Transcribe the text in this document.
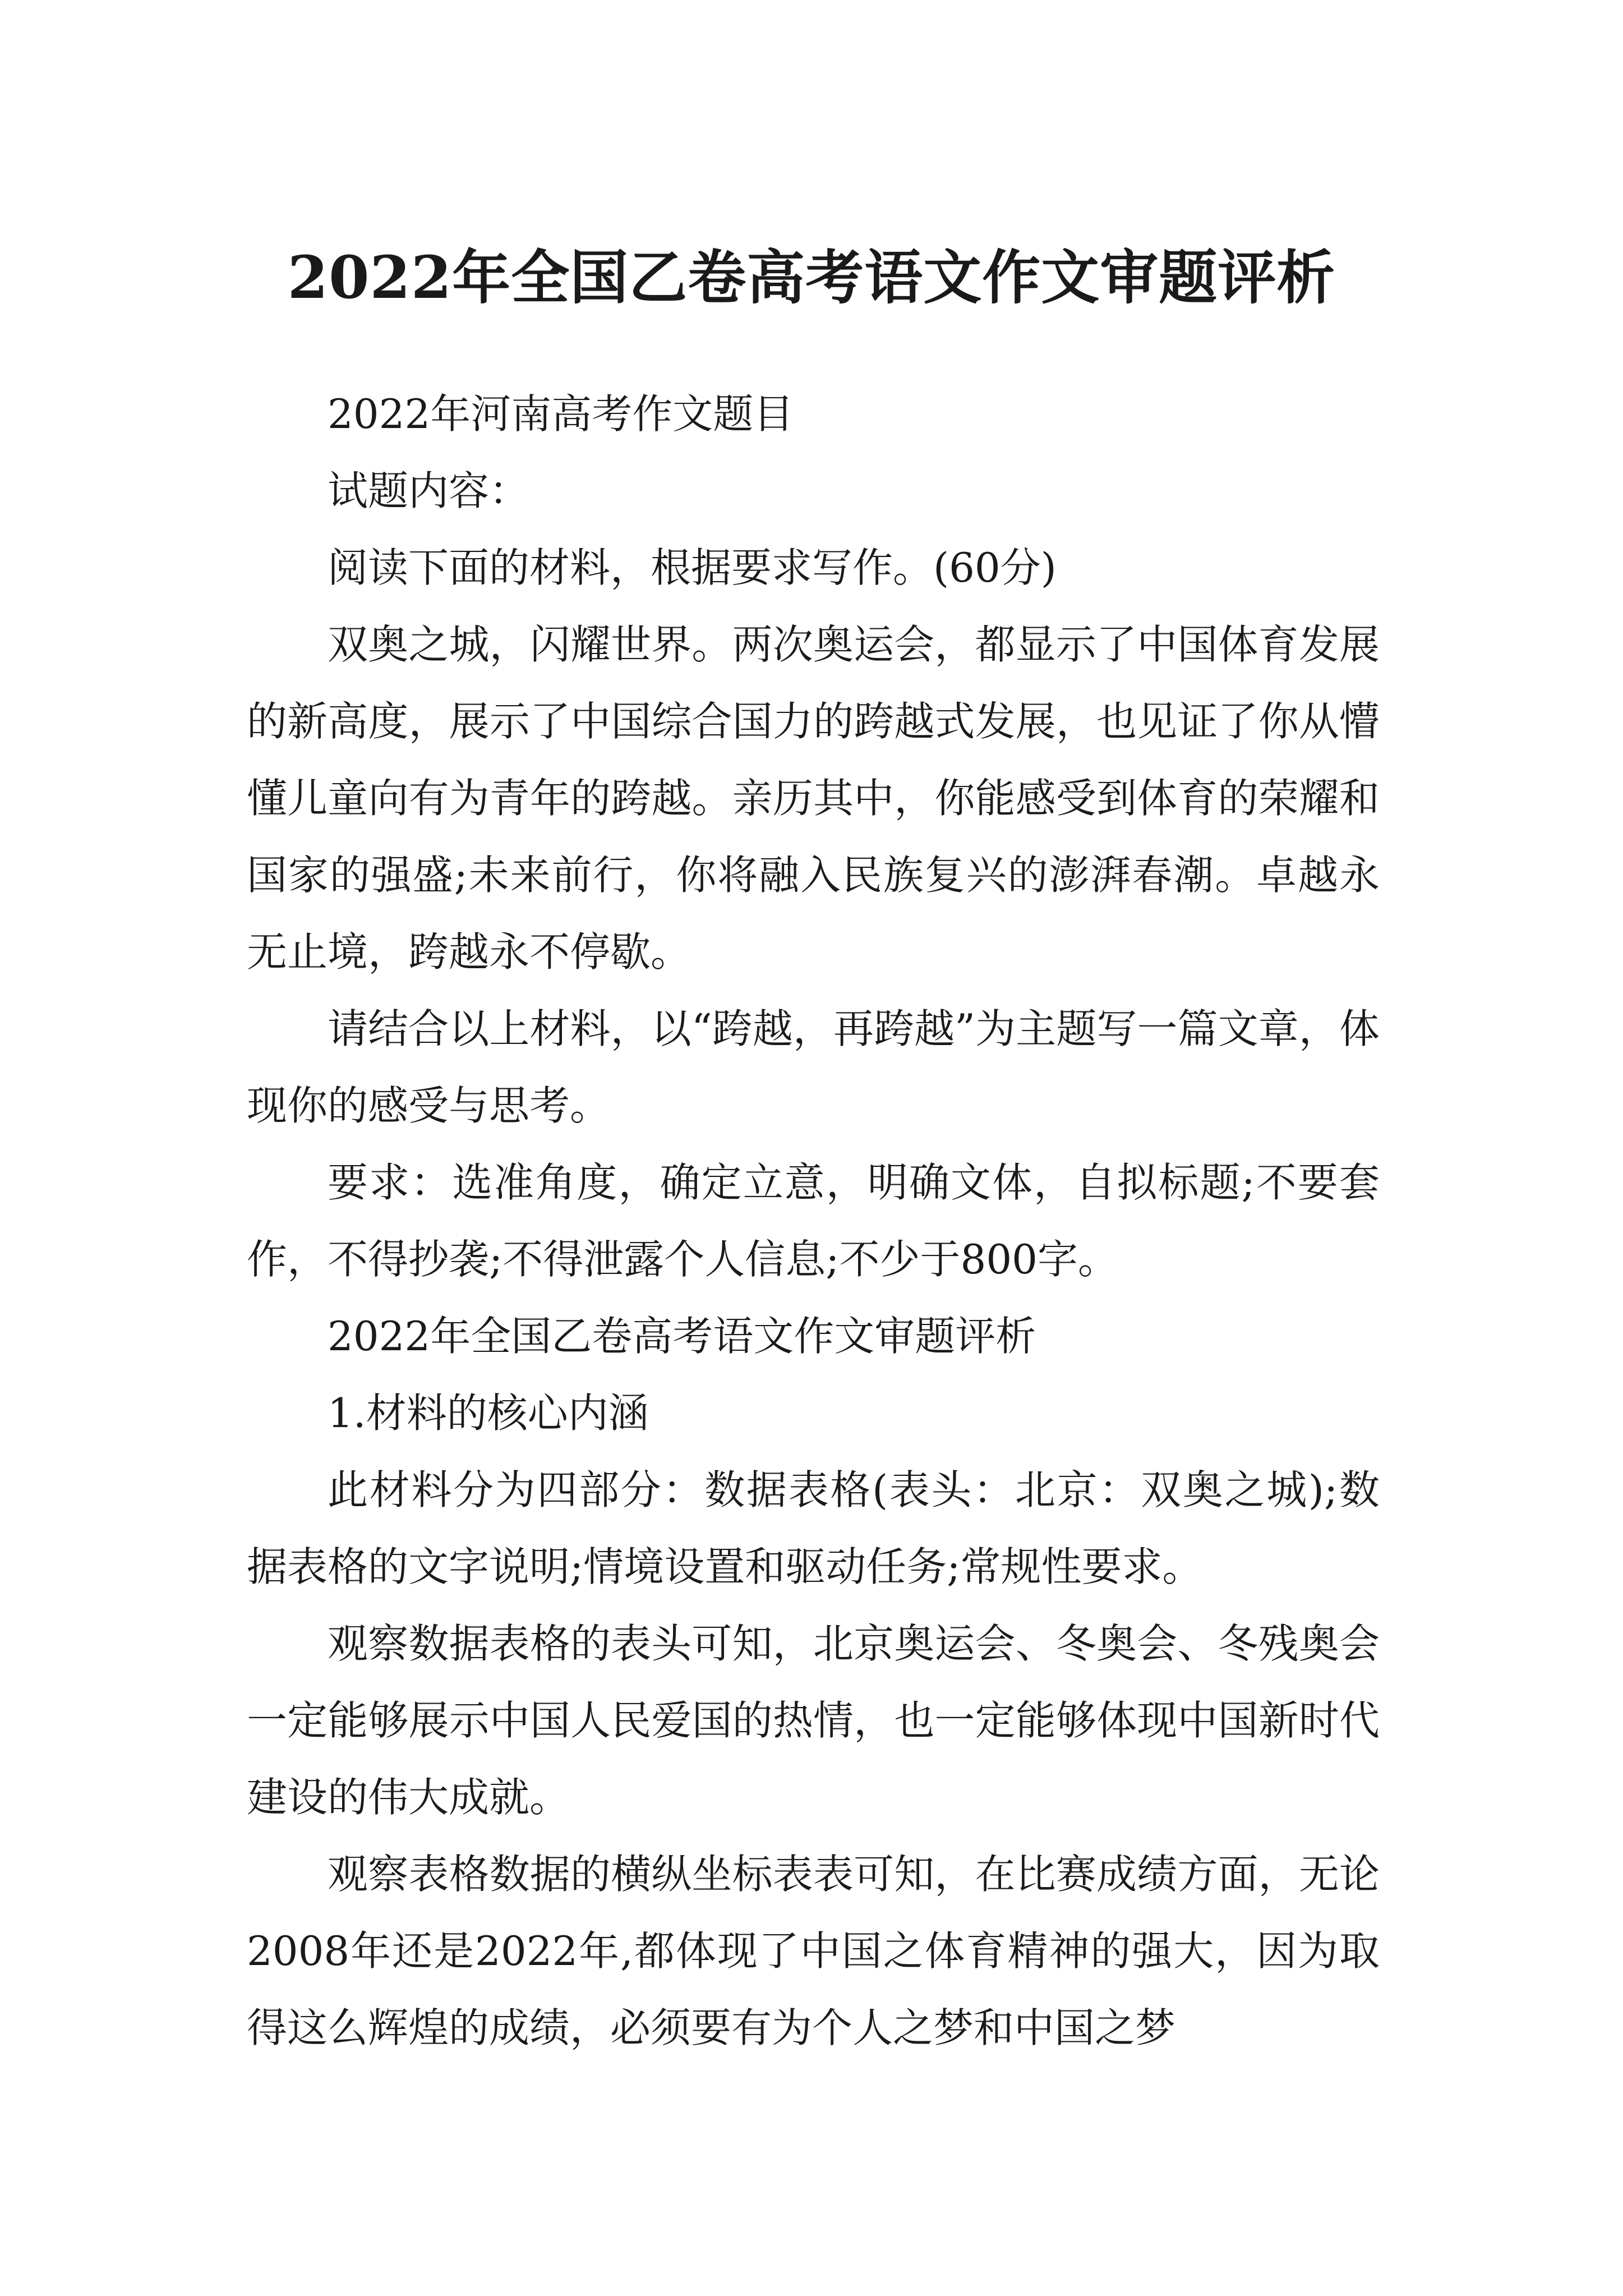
2022年全国乙卷高考语文作文审题评析

2022年河南高考作文题目

试题内容：

阅读下面的材料，根据要求写作。(60分)

双奥之城，闪耀世界。两次奥运会，都显示了中国体育发展的新高度，展示了中国综合国力的跨越式发展，也见证了你从懵懂儿童向有为青年的跨越。亲历其中，你能感受到体育的荣耀和国家的强盛;未来前行，你将融入民族复兴的澎湃春潮。卓越永无止境，跨越永不停歇。

请结合以上材料，以“跨越，再跨越”为主题写一篇文章，体现你的感受与思考。

要求：选准角度，确定立意，明确文体，自拟标题;不要套作，不得抄袭;不得泄露个人信息;不少于800字。

2022年全国乙卷高考语文作文审题评析

1.材料的核心内涵

此材料分为四部分：数据表格(表头：北京：双奥之城);数据表格的文字说明;情境设置和驱动任务;常规性要求。

观察数据表格的表头可知，北京奥运会、冬奥会、冬残奥会一定能够展示中国人民爱国的热情，也一定能够体现中国新时代建设的伟大成就。

观察表格数据的横纵坐标表表可知，在比赛成绩方面，无论2008年还是2022年,都体现了中国之体育精神的强大，因为取得这么辉煌的成绩，必须要有为个人之梦和中国之梦
